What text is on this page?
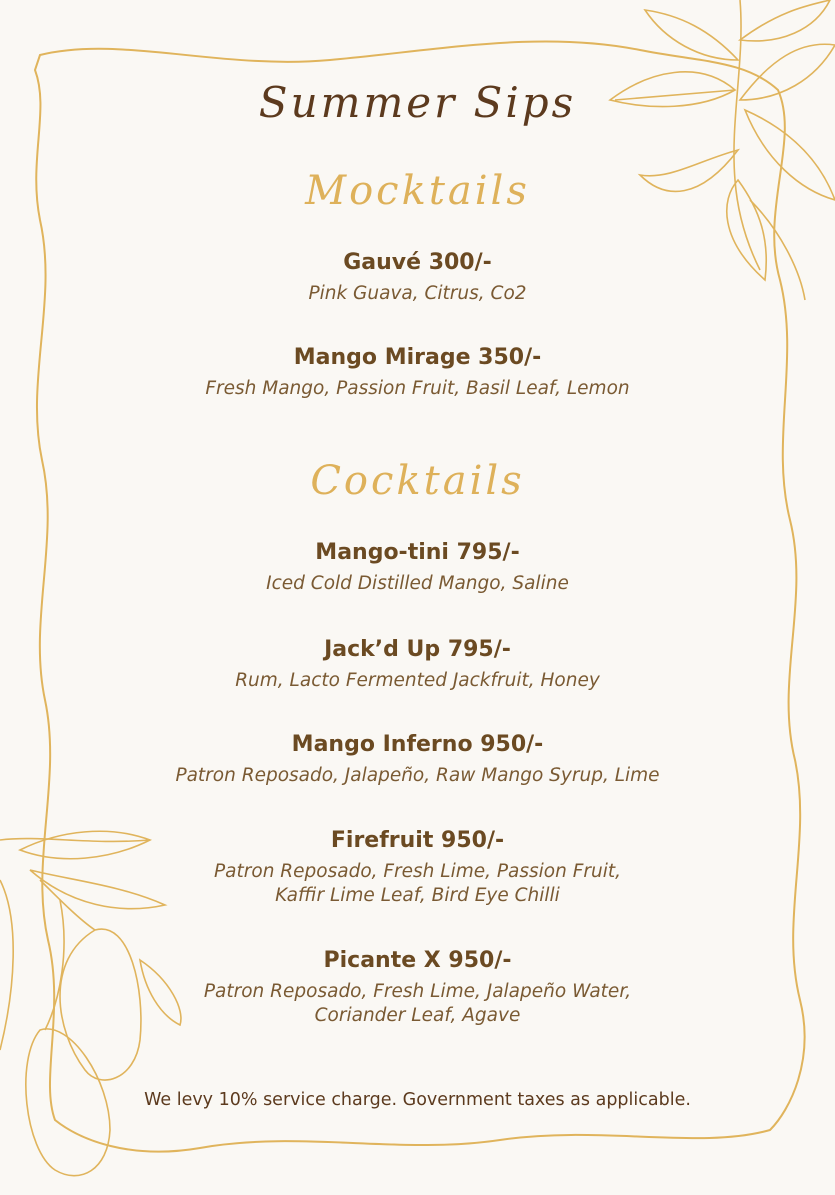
Summer Sips
Mocktails
Gauvé 300/-
Pink Guava, Citrus, Co2
Mango Mirage 350/-
Fresh Mango, Passion Fruit, Basil Leaf, Lemon
Cocktails
Mango-tini 795/-
Iced Cold Distilled Mango, Saline
Jack’d Up 795/-
Rum, Lacto Fermented Jackfruit, Honey
Mango Inferno 950/-
Patron Reposado, Jalapeño, Raw Mango Syrup, Lime
Firefruit 950/-
Patron Reposado, Fresh Lime, Passion Fruit,
Kaffir Lime Leaf, Bird Eye Chilli
Picante X 950/-
Patron Reposado, Fresh Lime, Jalapeño Water,
Coriander Leaf, Agave
We levy 10% service charge. Government taxes as applicable.
